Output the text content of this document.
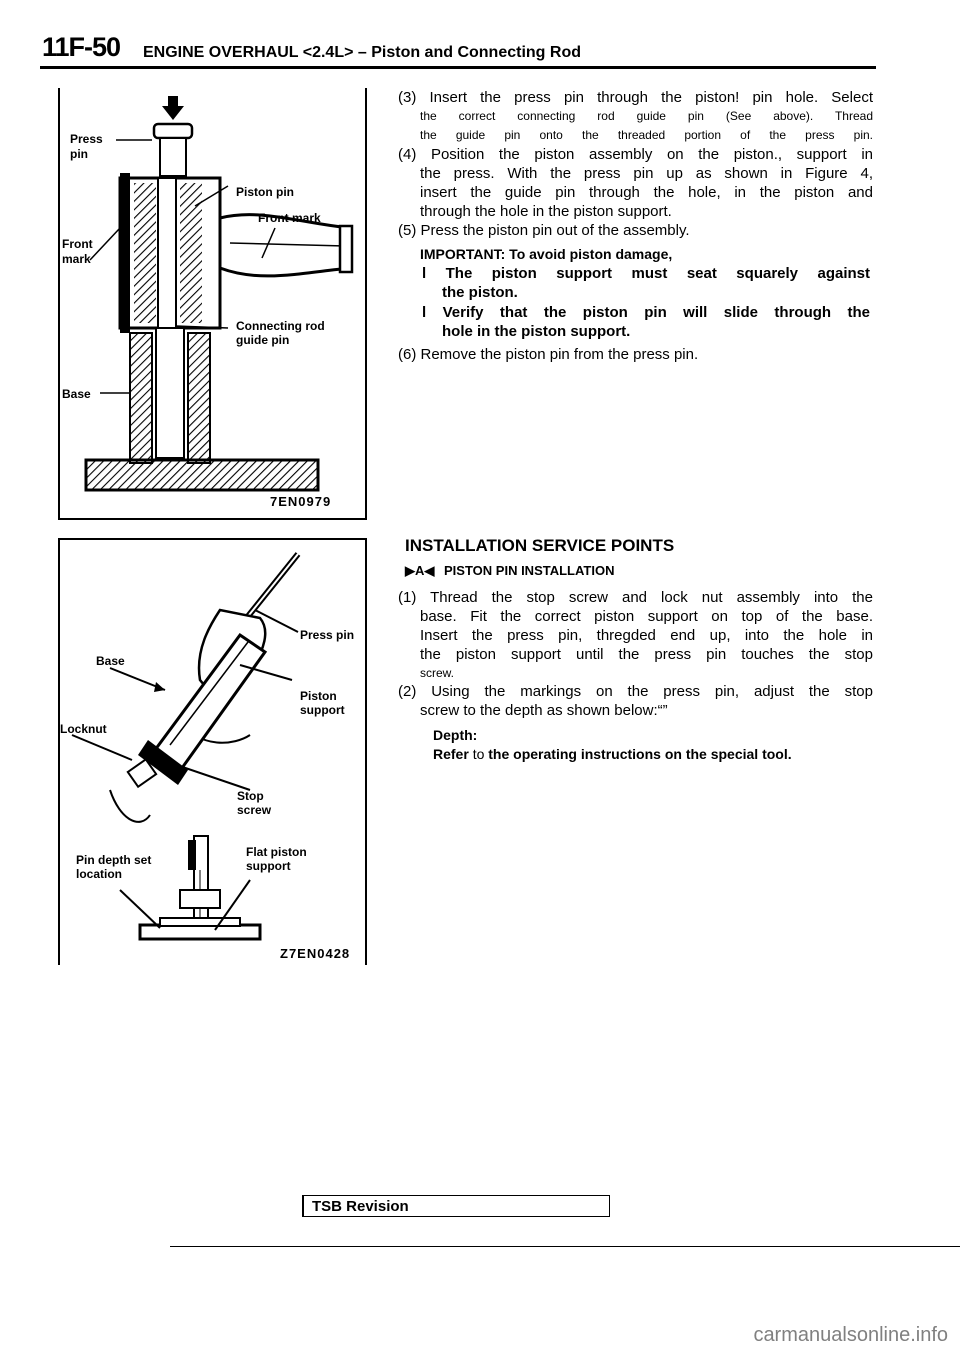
11F-50 ENGINE OVERHAUL <2.4L> – Piston and Connecting Rod
Press
pin
Piston pin
Front mark
Front
mark
Connecting rod
guide pin
Base
7EN0979
Base
Press pin
Piston
support
Locknut
Stop
screw
Pin depth set
location
Flat piston
support
Z7EN0428
(3) Insert the press pin through the piston! pin hole. Select
the correct connecting rod guide pin (See above). Thread
the guide pin onto the threaded portion of the press pin.
(4) Position the piston assembly on the piston., support in
the press. With the press pin up as shown in Figure 4,
insert the guide pin through the hole, in the piston and
through the hole in the piston support.
(5) Press the piston pin out of the assembly.
IMPORTANT: To avoid piston damage,
l The piston support must seat squarely against
the piston.
l Verify that the piston pin will slide through the
hole in the piston support.
(6) Remove the piston pin from the press pin.
INSTALLATION SERVICE POINTS
▶A◀ PISTON PIN INSTALLATION
(1) Thread the stop screw and lock nut assembly into the
base. Fit the correct piston support on top of the base.
Insert the press pin, thregded end up, into the hole in
the piston support until the press pin touches the stop
screw.
(2) Using the markings on the press pin, adjust the stop
screw to the depth as shown below:“”
Depth:
Refer to the operating instructions on the special tool.
TSB Revision
carmanualsonline.info
